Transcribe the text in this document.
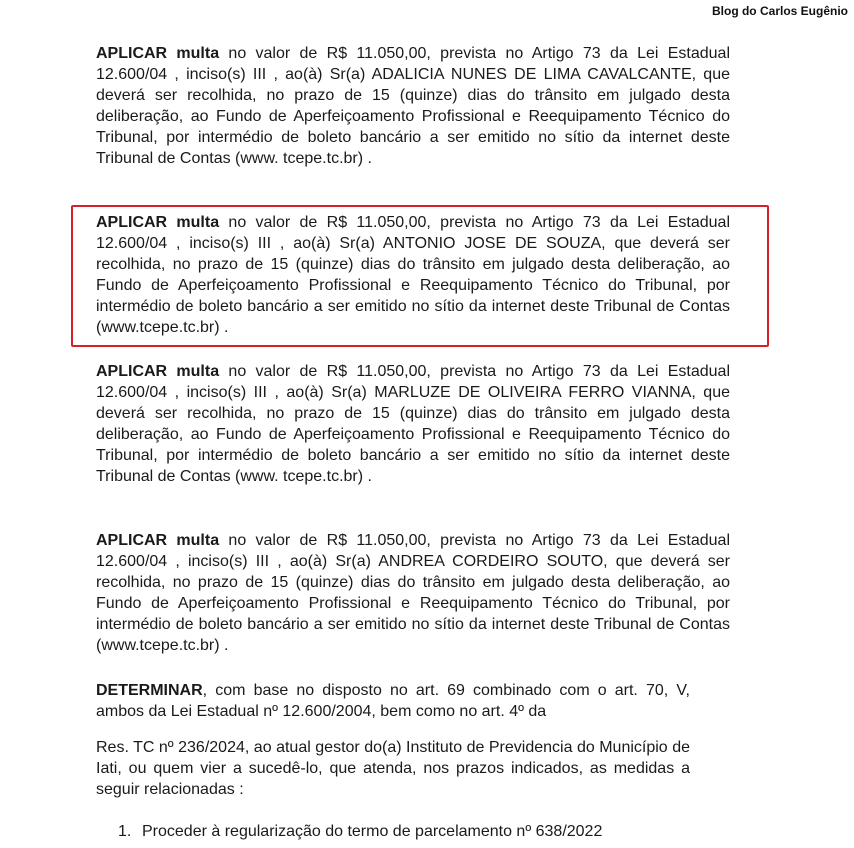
Blog do Carlos Eugênio

APLICAR multa no valor de R$ 11.050,00, prevista no Artigo 73 da Lei Estadual 12.600/04 , inciso(s) III , ao(à) Sr(a) ADALICIA NUNES DE LIMA CAVALCANTE, que deverá ser recolhida, no prazo de 15 (quinze) dias do trânsito em julgado desta deliberação, ao Fundo de Aperfeiçoamento Profissional e Reequipamento Técnico do Tribunal, por intermédio de boleto bancário a ser emitido no sítio da internet deste Tribunal de Contas (www. tcepe.tc.br) .

APLICAR multa no valor de R$ 11.050,00, prevista no Artigo 73 da Lei Estadual 12.600/04 , inciso(s) III , ao(à) Sr(a) ANTONIO JOSE DE SOUZA, que deverá ser recolhida, no prazo de 15 (quinze) dias do trânsito em julgado desta deliberação, ao Fundo de Aperfeiçoamento Profissional e Reequipamento Técnico do Tribunal, por intermédio de boleto bancário a ser emitido no sítio da internet deste Tribunal de Contas (www.tcepe.tc.br) .

APLICAR multa no valor de R$ 11.050,00, prevista no Artigo 73 da Lei Estadual 12.600/04 , inciso(s) III , ao(à) Sr(a) MARLUZE DE OLIVEIRA FERRO VIANNA, que deverá ser recolhida, no prazo de 15 (quinze) dias do trânsito em julgado desta deliberação, ao Fundo de Aperfeiçoamento Profissional e Reequipamento Técnico do Tribunal, por intermédio de boleto bancário a ser emitido no sítio da internet deste Tribunal de Contas (www. tcepe.tc.br) .

APLICAR multa no valor de R$ 11.050,00, prevista no Artigo 73 da Lei Estadual 12.600/04 , inciso(s) III , ao(à) Sr(a) ANDREA CORDEIRO SOUTO, que deverá ser recolhida, no prazo de 15 (quinze) dias do trânsito em julgado desta deliberação, ao Fundo de Aperfeiçoamento Profissional e Reequipamento Técnico do Tribunal, por intermédio de boleto bancário a ser emitido no sítio da internet deste Tribunal de Contas (www.tcepe.tc.br) .

DETERMINAR, com base no disposto no art. 69 combinado com o art. 70, V, ambos da Lei Estadual nº 12.600/2004, bem como no art. 4º da

Res. TC nº 236/2024, ao atual gestor do(a) Instituto de Previdencia do Município de Iati, ou quem vier a sucedê-lo, que atenda, nos prazos indicados, as medidas a seguir relacionadas :

1. Proceder à regularização do termo de parcelamento nº 638/2022
